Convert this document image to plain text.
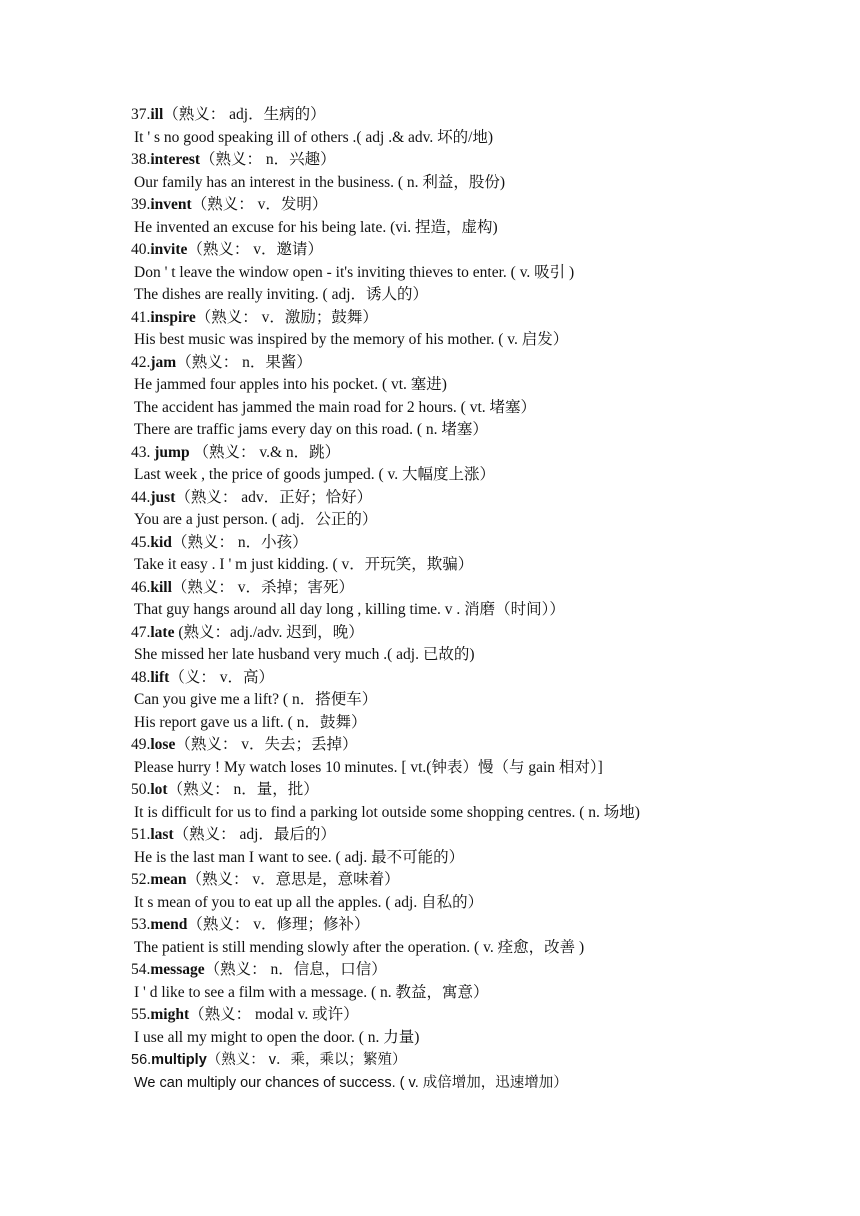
37.ill（熟义： adj．生病的）
It ' s no good speaking ill of others .( adj .& adv. 坏的/地)
38.interest（熟义： n．兴趣）
Our family has an interest in the business. ( n. 利益，股份)
39.invent（熟义： v．发明）
He invented an excuse for his being late. (vi. 捏造，虚构)
40.invite（熟义： v．邀请）
Don ' t leave the window open - it's inviting thieves to enter. ( v. 吸引 )
The dishes are really inviting. ( adj．诱人的）
41.inspire（熟义： v．激励；鼓舞）
His best music was inspired by the memory of his mother. ( v. 启发）
42.jam（熟义： n．果酱）
He jammed four apples into his pocket. ( vt. 塞进)
The accident has jammed the main road for 2 hours. ( vt. 堵塞）
There are traffic jams every day on this road. ( n. 堵塞）
43. jump （熟义： v.& n．跳）
Last week , the price of goods jumped. ( v. 大幅度上涨）
44.just（熟义： adv．正好；恰好）
You are a just person. ( adj．公正的）
45.kid（熟义： n．小孩）
Take it easy . I ' m just kidding. ( v．开玩笑，欺骗）
46.kill（熟义： v．杀掉；害死）
That guy hangs around all day long , killing time. v . 消磨（时间））
47.late (熟义：adj./adv. 迟到，晚）
She missed her late husband very much .( adj. 已故的)
48.lift（义： v．高）
Can you give me a lift? ( n．搭便车）
His report gave us a lift. ( n．鼓舞）
49.lose（熟义： v．失去；丢掉）
Please hurry ! My watch loses 10 minutes. [ vt.(钟表）慢（与 gain 相对）]
50.lot（熟义： n．量，批）
It is difficult for us to find a parking lot outside some shopping centres. ( n. 场地)
51.last（熟义： adj．最后的）
He is the last man I want to see. ( adj. 最不可能的）
52.mean（熟义： v．意思是，意味着）
It s mean of you to eat up all the apples. ( adj. 自私的）
53.mend（熟义： v．修理；修补）
The patient is still mending slowly after the operation. ( v. 痊愈，改善 )
54.message（熟义： n．信息，口信）
I ' d like to see a film with a message. ( n. 教益，寓意）
55.might（熟义： modal v. 或许）
I use all my might to open the door. ( n. 力量)
56.multiply（熟义： v．乘，乘以；繁殖）
We can multiply our chances of success. ( v. 成倍增加，迅速增加）
